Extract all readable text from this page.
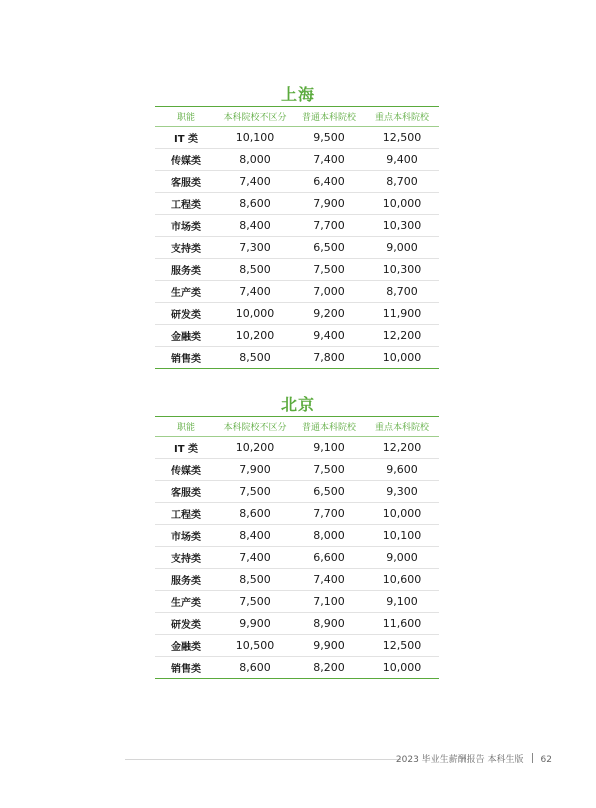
上海
职能	本科院校不区分	普通本科院校	重点本科院校
IT 类	10,100	9,500	12,500
传媒类	8,000	7,400	9,400
客服类	7,400	6,400	8,700
工程类	8,600	7,900	10,000
市场类	8,400	7,700	10,300
支持类	7,300	6,500	9,000
服务类	8,500	7,500	10,300
生产类	7,400	7,000	8,700
研发类	10,000	9,200	11,900
金融类	10,200	9,400	12,200
销售类	8,500	7,800	10,000
北京
职能	本科院校不区分	普通本科院校	重点本科院校
IT 类	10,200	9,100	12,200
传媒类	7,900	7,500	9,600
客服类	7,500	6,500	9,300
工程类	8,600	7,700	10,000
市场类	8,400	8,000	10,100
支持类	7,400	6,600	9,000
服务类	8,500	7,400	10,600
生产类	7,500	7,100	9,100
研发类	9,900	8,900	11,600
金融类	10,500	9,900	12,500
销售类	8,600	8,200	10,000
2023 毕业生薪酬报告 本科生版 62
